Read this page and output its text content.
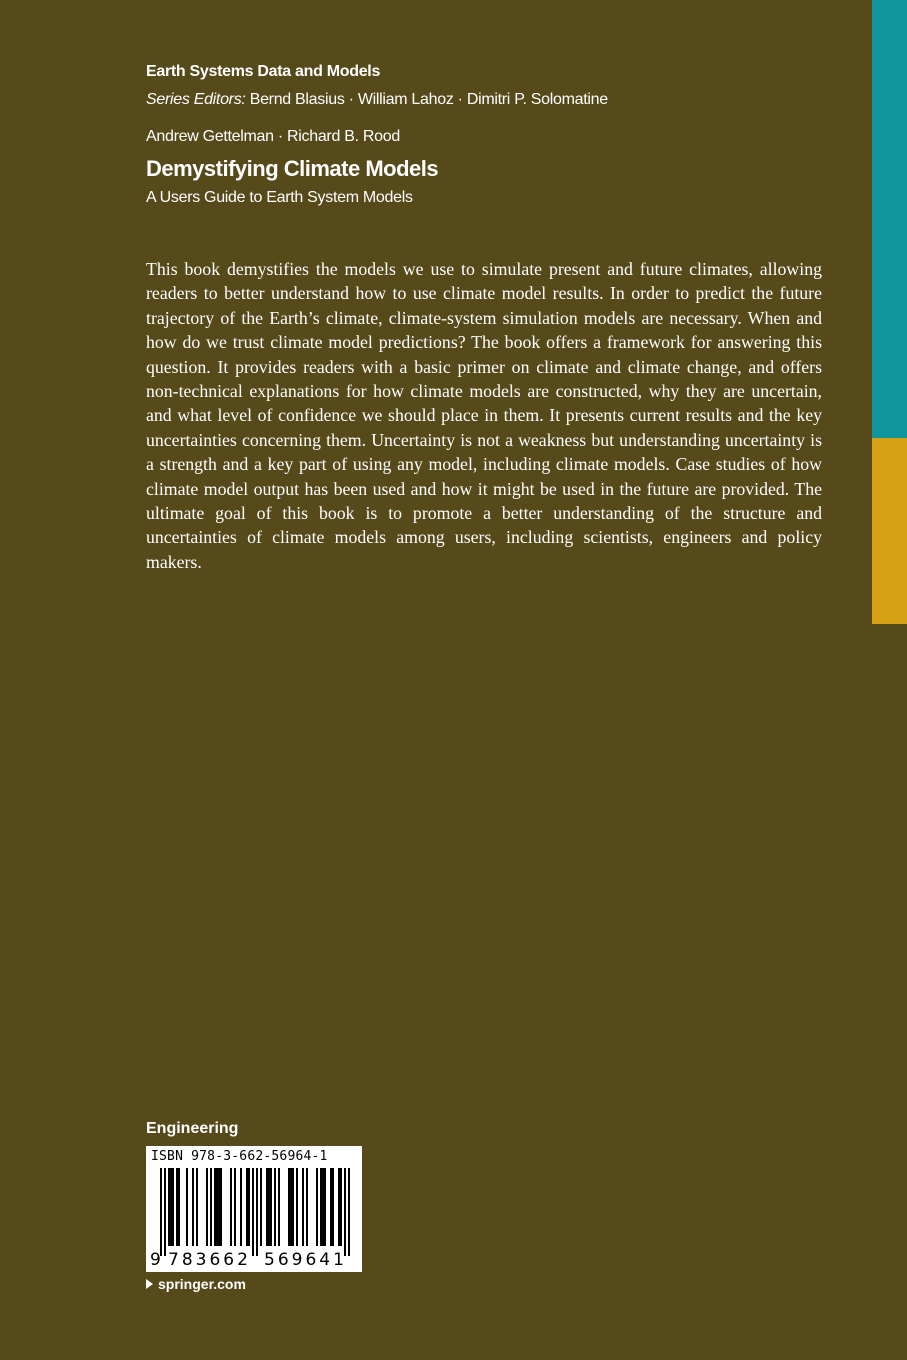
Earth Systems Data and Models
Series Editors: Bernd Blasius · William Lahoz · Dimitri P. Solomatine
Andrew Gettelman · Richard B. Rood
Demystifying Climate Models
A Users Guide to Earth System Models

This book demystifies the models we use to simulate present and future climates, allowing readers to better understand how to use climate model results. In order to predict the future trajectory of the Earth’s climate, climate-system simulation models are necessary. When and how do we trust climate model predictions? The book offers a framework for answering this question. It provides readers with a basic primer on climate and climate change, and offers non-technical explanations for how climate models are constructed, why they are uncertain, and what level of confidence we should place in them. It presents current results and the key uncertainties concerning them. Uncertainty is not a weakness but understanding uncertainty is a strength and a key part of using any model, including climate models. Case studies of how climate model output has been used and how it might be used in the future are provided. The ultimate goal of this book is to promote a better understanding of the structure and uncertainties of climate models among users, including scientists, engineers and policy makers.

Engineering
ISBN 978-3-662-56964-1
9 783662 569641
springer.com
